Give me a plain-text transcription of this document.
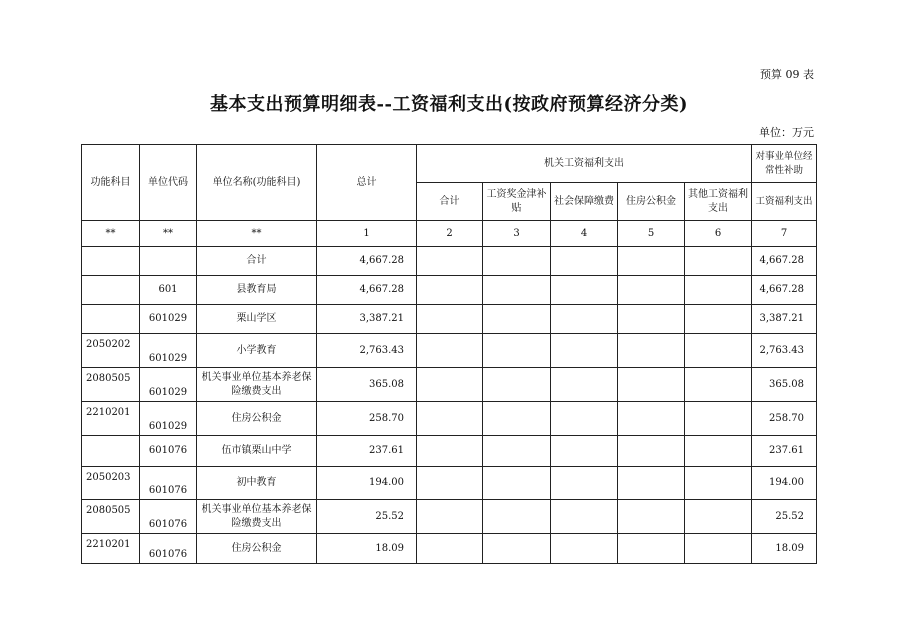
预算 09 表
基本支出预算明细表--工资福利支出(按政府预算经济分类)
单位：万元
功能科目	单位代码	单位名称(功能科目)	总计	机关工资福利支出					对事业单位经常性补助
				合计	工资奖金津补贴	社会保障缴费	住房公积金	其他工资福利支出	工资福利支出
**	**	**	1	2	3	4	5	6	7
		合计	4,667.28						4,667.28
	601	县教育局	4,667.28						4,667.28
	601029	栗山学区	3,387.21						3,387.21
2050202	601029	小学教育	2,763.43						2,763.43
2080505	601029	机关事业单位基本养老保险缴费支出	365.08						365.08
2210201	601029	住房公积金	258.70						258.70
	601076	伍市镇栗山中学	237.61						237.61
2050203	601076	初中教育	194.00						194.00
2080505	601076	机关事业单位基本养老保险缴费支出	25.52						25.52
2210201	601076	住房公积金	18.09						18.09
